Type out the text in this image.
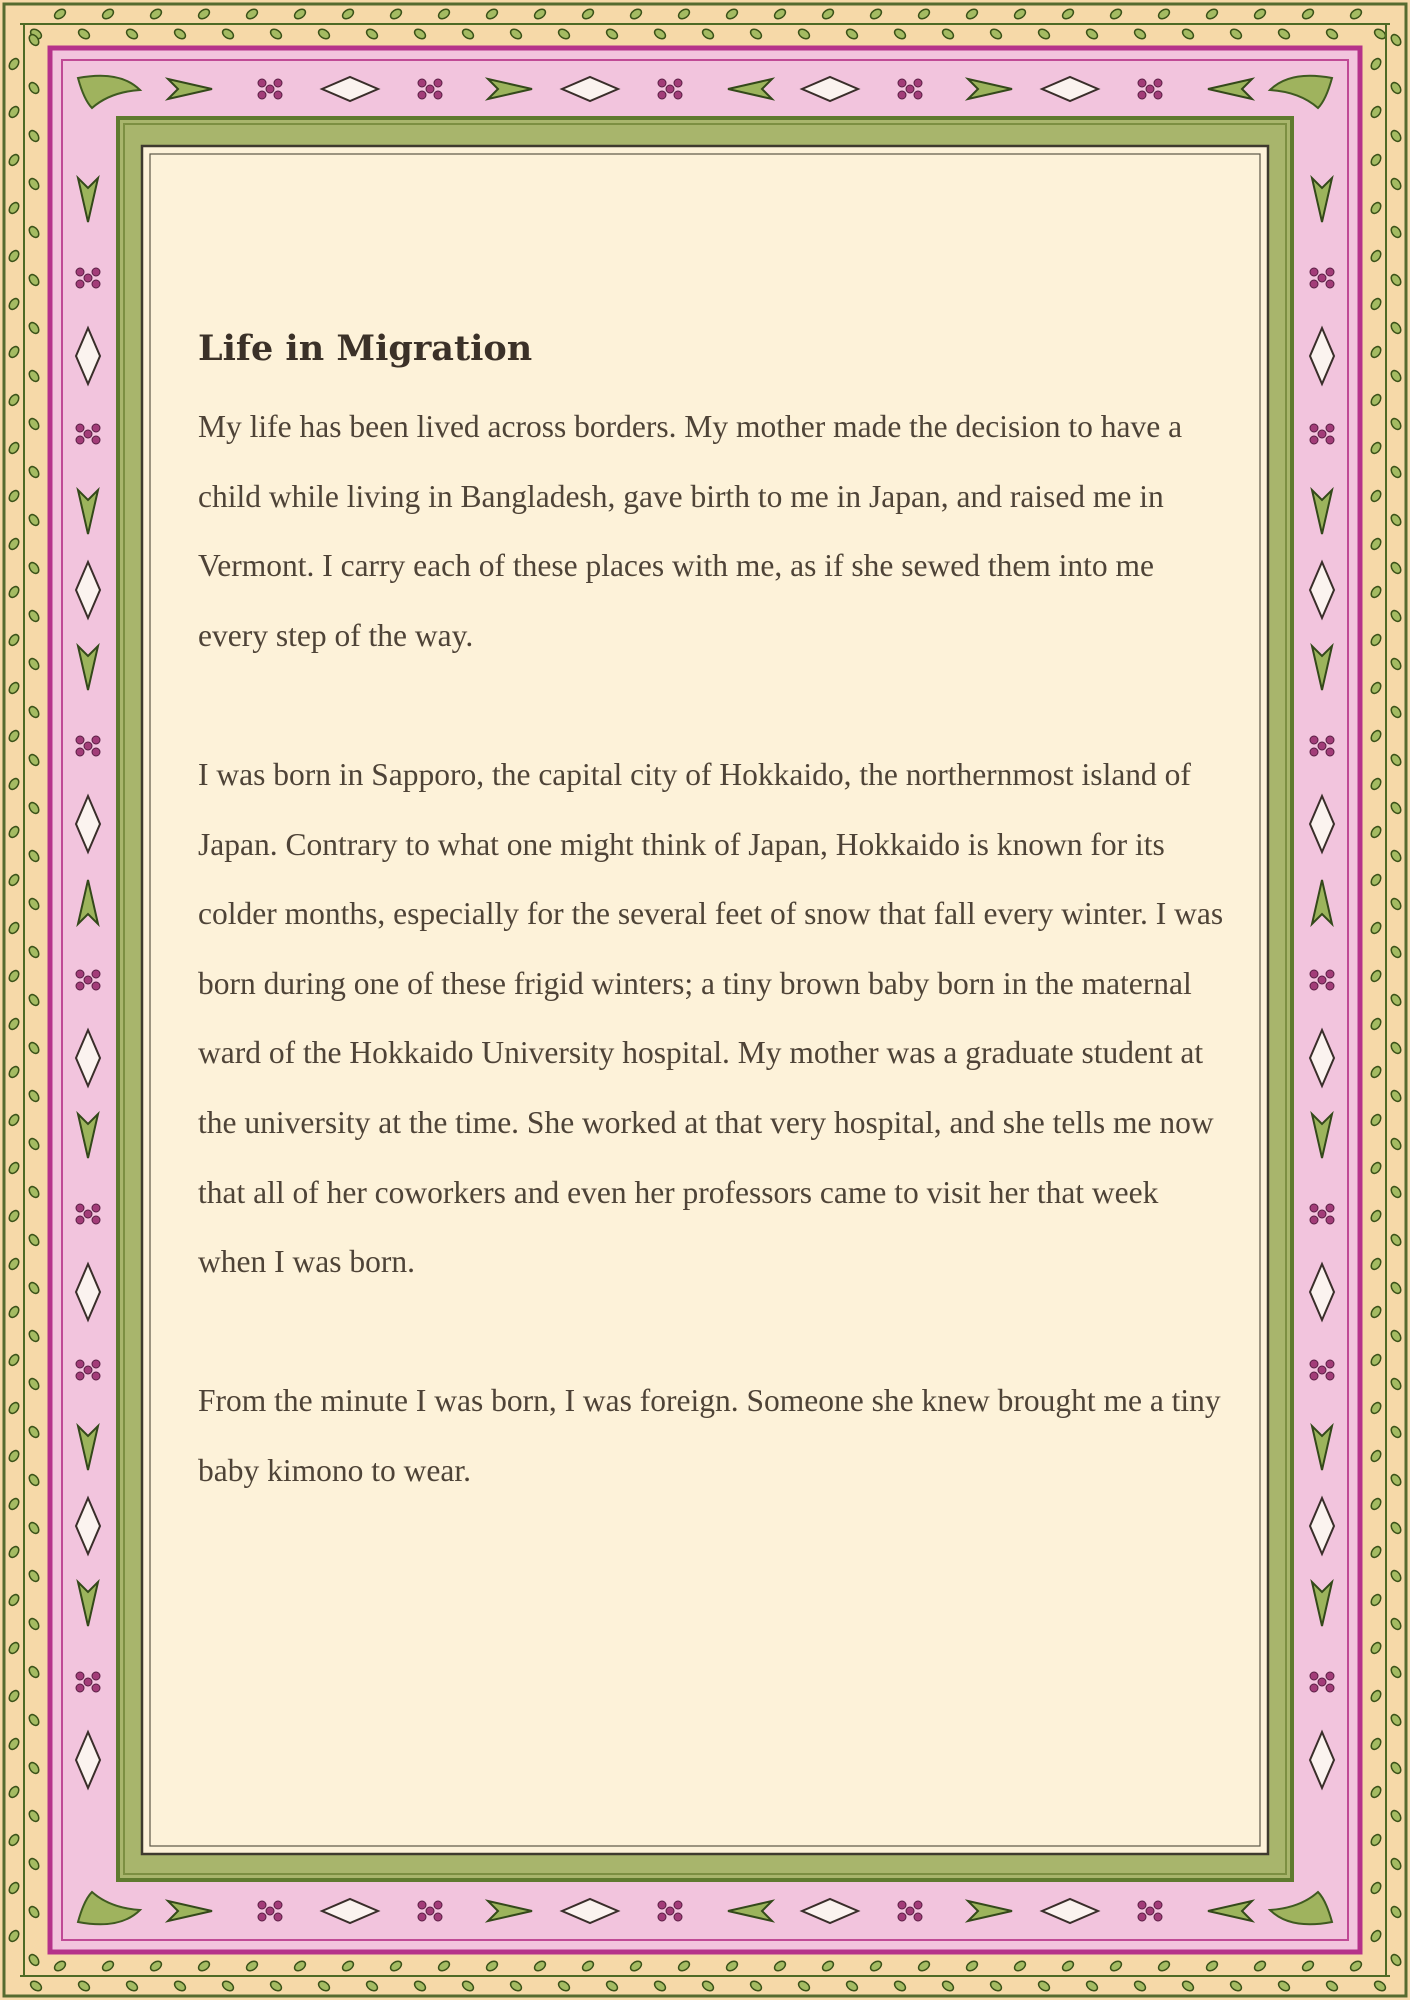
Life in Migration

My life has been lived across borders. My mother made the decision to have a child while living in Bangladesh, gave birth to me in Japan, and raised me in Vermont. I carry each of these places with me, as if she sewed them into me every step of the way.

I was born in Sapporo, the capital city of Hokkaido, the northernmost island of Japan. Contrary to what one might think of Japan, Hokkaido is known for its colder months, especially for the several feet of snow that fall every winter. I was born during one of these frigid winters; a tiny brown baby born in the maternal ward of the Hokkaido University hospital. My mother was a graduate student at the university at the time. She worked at that very hospital, and she tells me now that all of her coworkers and even her professors came to visit her that week when I was born.

From the minute I was born, I was foreign. Someone she knew brought me a tiny baby kimono to wear.
